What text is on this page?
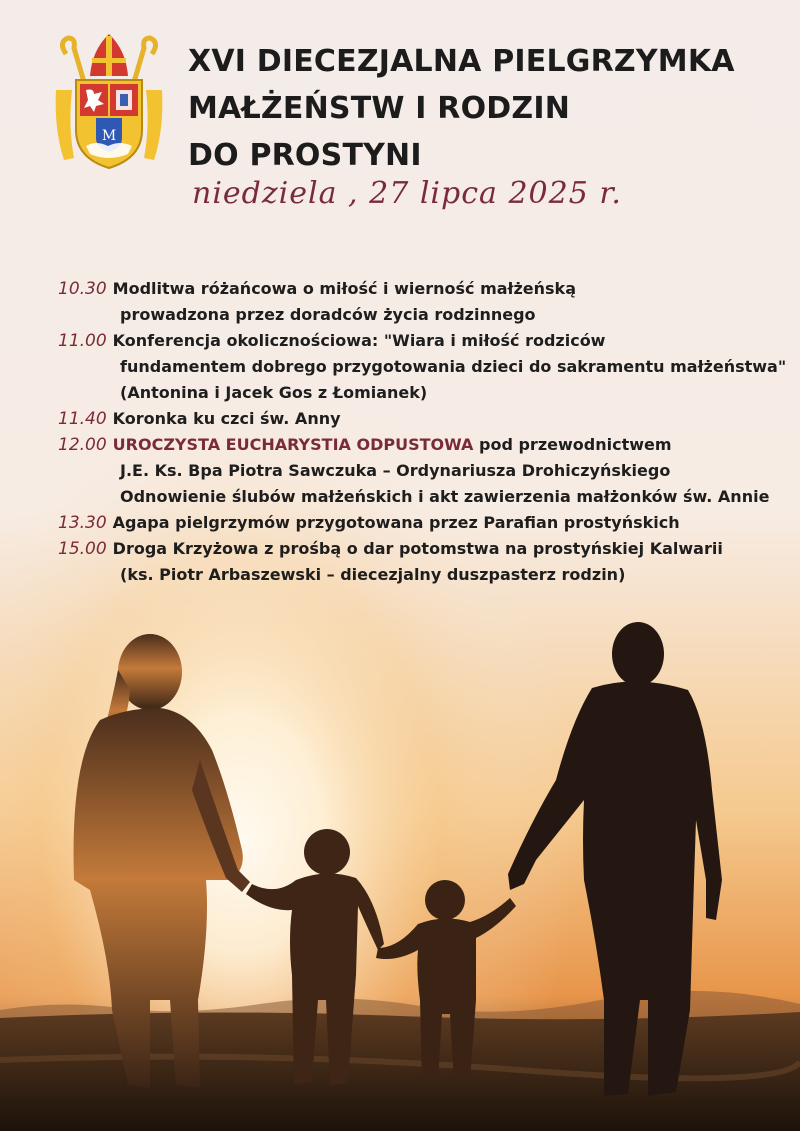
M
XVI DIECEZJALNA PIELGRZYMKA
MAŁŻEŃSTW I RODZIN
DO PROSTYNI
niedziela , 27 lipca 2025 r.
10.30 Modlitwa różańcowa o miłość i wierność małżeńską
prowadzona przez doradców życia rodzinnego
11.00 Konferencja okolicznościowa: "Wiara i miłość rodziców
fundamentem dobrego przygotowania dzieci do sakramentu małżeństwa"
(Antonina i Jacek Gos z Łomianek)
11.40 Koronka ku czci św. Anny
12.00 UROCZYSTA EUCHARYSTIA ODPUSTOWA pod przewodnictwem
J.E. Ks. Bpa Piotra Sawczuka – Ordynariusza Drohiczyńskiego
Odnowienie ślubów małżeńskich i akt zawierzenia małżonków św. Annie
13.30 Agapa pielgrzymów przygotowana przez Parafian prostyńskich
15.00 Droga Krzyżowa z prośbą o dar potomstwa na prostyńskiej Kalwarii
(ks. Piotr Arbaszewski – diecezjalny duszpasterz rodzin)
